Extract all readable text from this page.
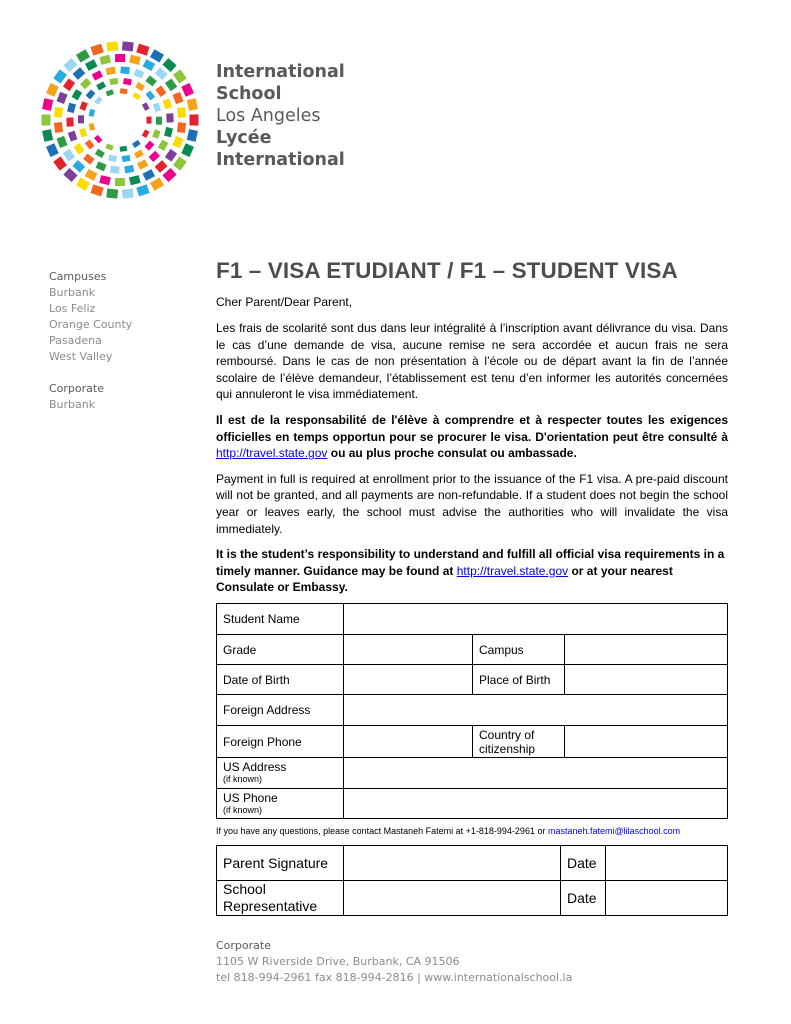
International
School
Los Angeles
Lycée
International
Campuses
Burbank
Los Feliz
Orange County
Pasadena
West Valley
Corporate
Burbank
F1 – VISA ETUDIANT / F1 – STUDENT VISA
Cher Parent/Dear Parent,

Les frais de scolarité sont dus dans leur intégralité à l’inscription avant délivrance du visa. Dans le cas d’une demande de visa, aucune remise ne sera accordée et aucun frais ne sera remboursé. Dans le cas de non présentation à l’école ou de départ avant la fin de l’année scolaire de l’élève demandeur, l’établissement est tenu d’en informer les autorités concernées qui annuleront le visa immédiatement.

Il est de la responsabilité de l'élève à comprendre et à respecter toutes les exigences officielles en temps opportun pour se procurer le visa. D'orientation peut être consulté à http://travel.state.gov ou au plus proche consulat ou ambassade.

Payment in full is required at enrollment prior to the issuance of the F1 visa. A pre-paid discount will not be granted, and all payments are non-refundable. If a student does not begin the school year or leaves early, the school must advise the authorities who will invalidate the visa immediately.

It is the student’s responsibility to understand and fulfill all official visa requirements in a timely manner. Guidance may be found at http://travel.state.gov or at your nearest Consulate or Embassy.

Student Name			
Grade		Campus	
Date of Birth		Place of Birth	
Foreign Address			
Foreign Phone		Country of citizenship	
US Address
(if known)			

US Phone
(if known)			

If you have any questions, please contact Mastaneh Fatemi at +1-818-994-2961 or mastaneh.fatemi@lilaschool.com
Parent Signature		Date	
School Representative		Date	
Corporate
1105 W Riverside Drive, Burbank, CA 91506
tel 818-994-2961 fax 818-994-2816 | www.internationalschool.la
